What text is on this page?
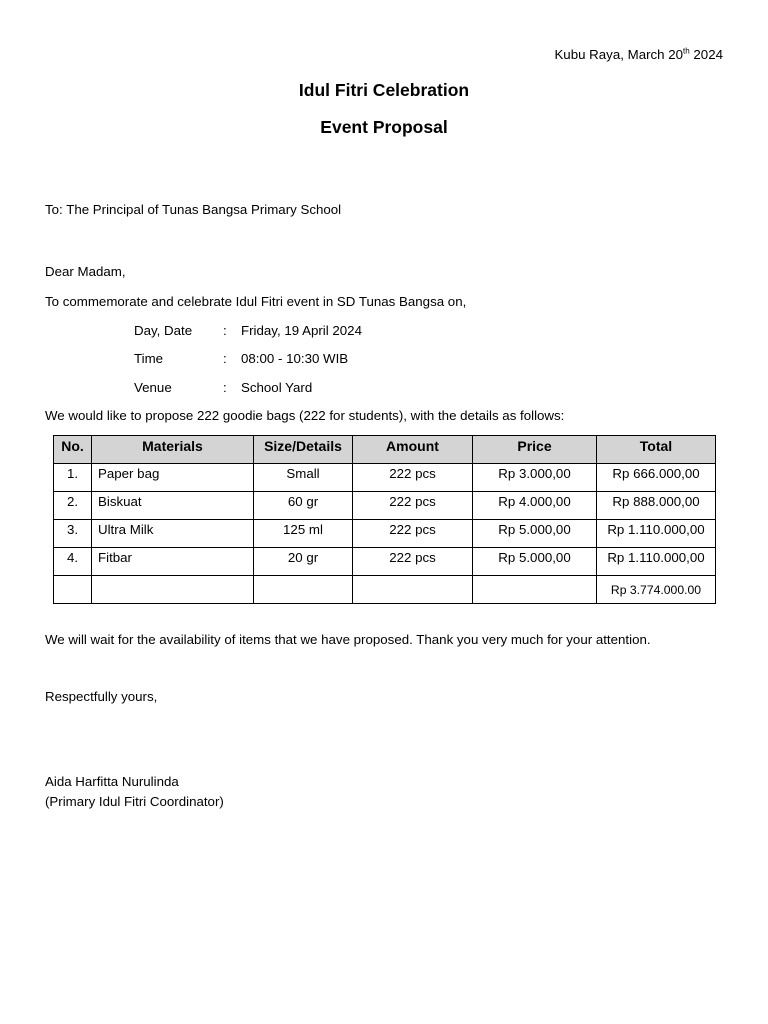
Kubu Raya, March 20th 2024
Idul Fitri Celebration
Event Proposal
To: The Principal of Tunas Bangsa Primary School
Dear Madam,
To commemorate and celebrate Idul Fitri event in SD Tunas Bangsa on,
Day, Date : Friday, 19 April 2024
Time	: 08:00 - 10:30 WIB
Venue	: School Yard
We would like to propose 222 goodie bags (222 for students), with the details as follows:
No.	Materials	Size/Details	Amount	Price	Total
1.	Paper bag	Small	222 pcs	Rp 3.000,00	Rp 666.000,00
2.	Biskuat	60 gr	222 pcs	Rp 4.000,00	Rp 888.000,00
3.	Ultra Milk	125 ml	222 pcs	Rp 5.000,00	Rp 1.110.000,00
4.	Fitbar	20 gr	222 pcs	Rp 5.000,00	Rp 1.110.000,00
					Rp 3.774.000.00
We will wait for the availability of items that we have proposed. Thank you very much for your attention.
Respectfully yours,
Aida Harfitta Nurulinda
(Primary Idul Fitri Coordinator)
